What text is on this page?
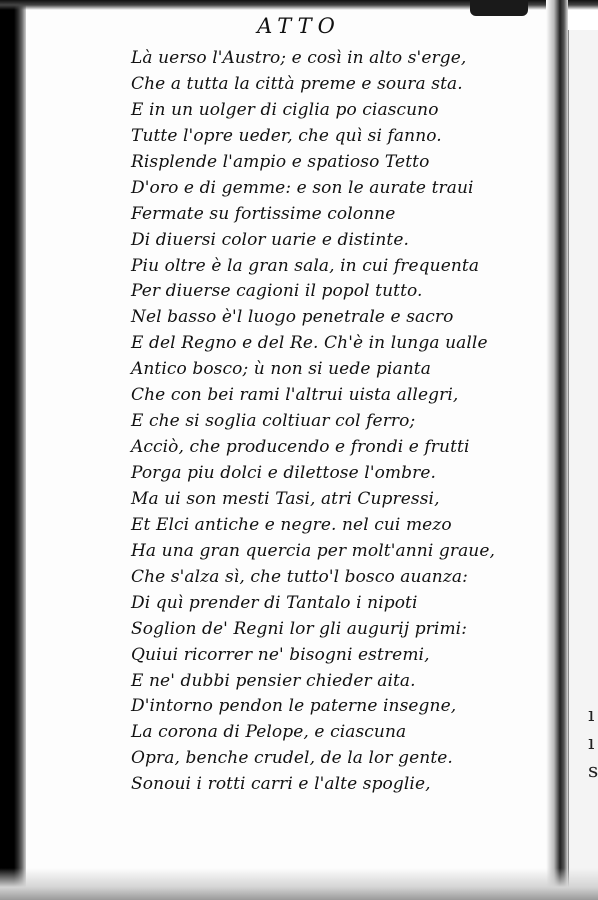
ı
ı
s
ATTO
Là uerso l'Austro; e così in alto s'erge,
Che a tutta la città preme e soura sta.
E in un uolger di ciglia po ciascuno
Tutte l'opre ueder, che quì si fanno.
Risplende l'ampio e spatioso Tetto
D'oro e di gemme: e son le aurate traui
Fermate su fortissime colonne
Di diuersi color uarie e distinte.
Piu oltre è la gran sala, in cui frequenta
Per diuerse cagioni il popol tutto.
Nel basso è'l luogo penetrale e sacro
E del Regno e del Re. Ch'è in lunga ualle
Antico bosco; ù non si uede pianta
Che con bei rami l'altrui uista allegri,
E che si soglia coltiuar col ferro;
Acciò, che producendo e frondi e frutti
Porga piu dolci e dilettose l'ombre.
Ma ui son mesti Tasi, atri Cupressi,
Et Elci antiche e negre. nel cui mezo
Ha una gran quercia per molt'anni graue,
Che s'alza sì, che tutto'l bosco auanza:
Di quì prender di Tantalo i nipoti
Soglion de' Regni lor gli augurij primi:
Quiui ricorrer ne' bisogni estremi,
E ne' dubbi pensier chieder aita.
D'intorno pendon le paterne insegne,
La corona di Pelope, e ciascuna
Opra, benche crudel, de la lor gente.
Sonoui i rotti carri e l'alte spoglie,
